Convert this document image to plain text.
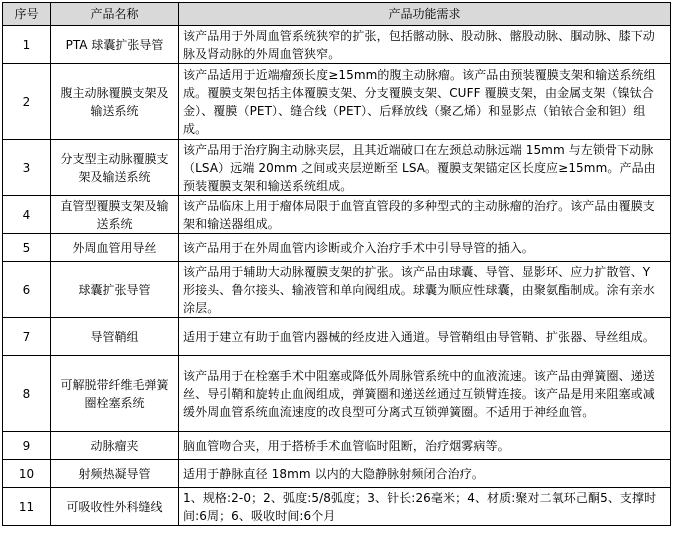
序号	产品名称	产品功能需求
1	PTA 球囊扩张导管	该产品用于外周血管系统狭窄的扩张，包括髂动脉、股动脉、髂股动脉、腘动脉、膝下动脉及肾动脉的外周血管狭窄。

2	腹主动脉覆膜支架及输送系统	该产品适用于近端瘤颈长度≥15mm的腹主动脉瘤。该产品由预装覆膜支架和输送系统组成。覆膜支架包括主体覆膜支架、分支覆膜支架、CUFF 覆膜支架，由金属支架（镍钛合金）、覆膜（PET）、缝合线（PET）、后释放线（聚乙烯）和显影点（铂铱合金和钽）组成。

3	分支型主动脉覆膜支架及输送系统	该产品用于治疗胸主动脉夹层，且其近端破口在左颈总动脉远端 15mm 与左锁骨下动脉（LSA）远端 20mm 之间或夹层逆断至 LSA。覆膜支架锚定区长度应≥15mm。产品由预装覆膜支架和输送系统组成。

4	直管型覆膜支架及输送系统	该产品临床上用于瘤体局限于血管直管段的多种型式的主动脉瘤的治疗。该产品由覆膜支架和输送器组成。

5	外周血管用导丝	该产品用于在外周血管内诊断或介入治疗手术中引导导管的插入。

6	球囊扩张导管	该产品用于辅助大动脉覆膜支架的扩张。该产品由球囊、导管、显影环、应力扩散管、Y 形接头、鲁尔接头、输液管和单向阀组成。球囊为顺应性球囊，由聚氨酯制成。涂有亲水涂层。

7	导管鞘组	适用于建立有助于血管内器械的经皮进入通道。导管鞘组由导管鞘、扩张器、导丝组成。

8	可解脱带纤维毛弹簧圈栓塞系统	该产品用于在栓塞手术中阻塞或降低外周脉管系统中的血液流速。该产品由弹簧圈、递送丝、导引鞘和旋转止血阀组成，弹簧圈和递送丝通过互锁臂连接。该产品是用来阻塞或减缓外周血管系统血流速度的改良型可分离式互锁弹簧圈。不适用于神经血管。

9	动脉瘤夹	脑血管吻合夹，用于搭桥手术血管临时阻断，治疗烟雾病等。

10	射频热凝导管	适用于静脉直径 18mm 以内的大隐静脉射频闭合治疗。

11	可吸收性外科缝线	1、规格:2-0；2、弧度:5/8弧度；3、针长:26毫米；4、材质:聚对二氧环己酮5、支撑时间:6周；6、吸收时间:6个月
